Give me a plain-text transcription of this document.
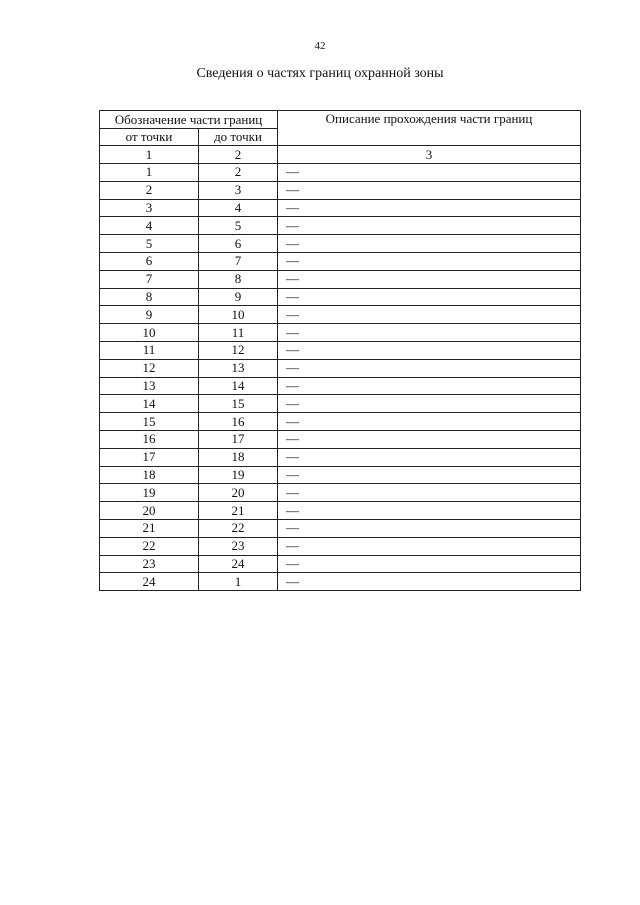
42
Сведения о частях границ охранной зоны
Обозначение части границ		Описание прохождения части границ
от точки	до точки	
1	2	3
1	2	—
2	3	—
3	4	—
4	5	—
5	6	—
6	7	—
7	8	—
8	9	—
9	10	—
10	11	—
11	12	—
12	13	—
13	14	—
14	15	—
15	16	—
16	17	—
17	18	—
18	19	—
19	20	—
20	21	—
21	22	—
22	23	—
23	24	—
24	1	—
